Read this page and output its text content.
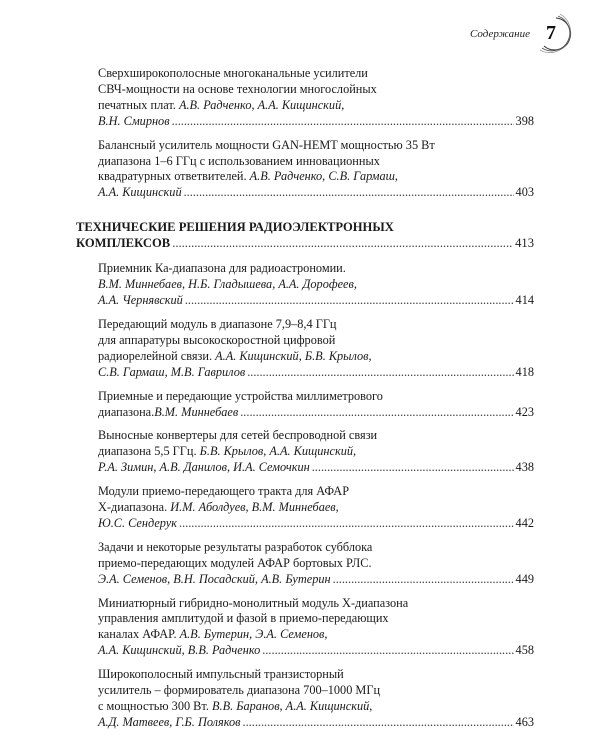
Содержание 7
Сверхширокополосные многоканальные усилители
СВЧ-мощности на основе технологии многослойных
печатных плат. А.В. Радченко, А.А. Кищинский,
В.Н. Смирнов .....	398
Балансный усилитель мощности GAN-HEMT мощностью 35 Вт
диапазона 1–6 ГГц с использованием инновационных
квадратурных ответвителей. А.В. Радченко, С.В. Гармаш,
А.А. Кищинский .....	403
ТЕХНИЧЕСКИЕ РЕШЕНИЯ РАДИОЭЛЕКТРОННЫХ
КОМПЛЕКСОВ .....	413
Приемник Ка-диапазона для радиоастрономии.
В.М. Миннебаев, Н.Б. Гладышева, А.А. Дорофеев,
А.А. Чернявский .....	414
Передающий модуль в диапазоне 7,9–8,4 ГГц
для аппаратуры высокоскоростной цифровой
радиорелейной связи. А.А. Кищинский, Б.В. Крылов,
С.В. Гармаш, М.В. Гаврилов .....	418
Приемные и передающие устройства миллиметрового
диапазона. В.М. Миннебаев .....	423
Выносные конвертеры для сетей беспроводной связи
диапазона 5,5 ГГц. Б.В. Крылов, А.А. Кищинский,
Р.А. Зимин, А.В. Данилов, И.А. Семочкин .....	438
Модули приемо-передающего тракта для АФАР
Х-диапазона. И.М. Аболдуев, В.М. Миннебаев,
Ю.С. Сендерук .....	442
Задачи и некоторые результаты разработок субблока
приемо-передающих модулей АФАР бортовых РЛС.
Э.А. Семенов, В.Н. Посадский, А.В. Бутерин .....	449
Миниатюрный гибридно-монолитный модуль Х-диапазона
управления амплитудой и фазой в приемо-передающих
каналах АФАР. А.В. Бутерин, Э.А. Семенов,
А.А. Кищинский, В.В. Радченко .....	458
Широкополосный импульсный транзисторный
усилитель – формирователь диапазона 700–1000 МГц
с мощностью 300 Вт. В.В. Баранов, А.А. Кищинский,
А.Д. Матвеев, Г.Б. Поляков .....	463
